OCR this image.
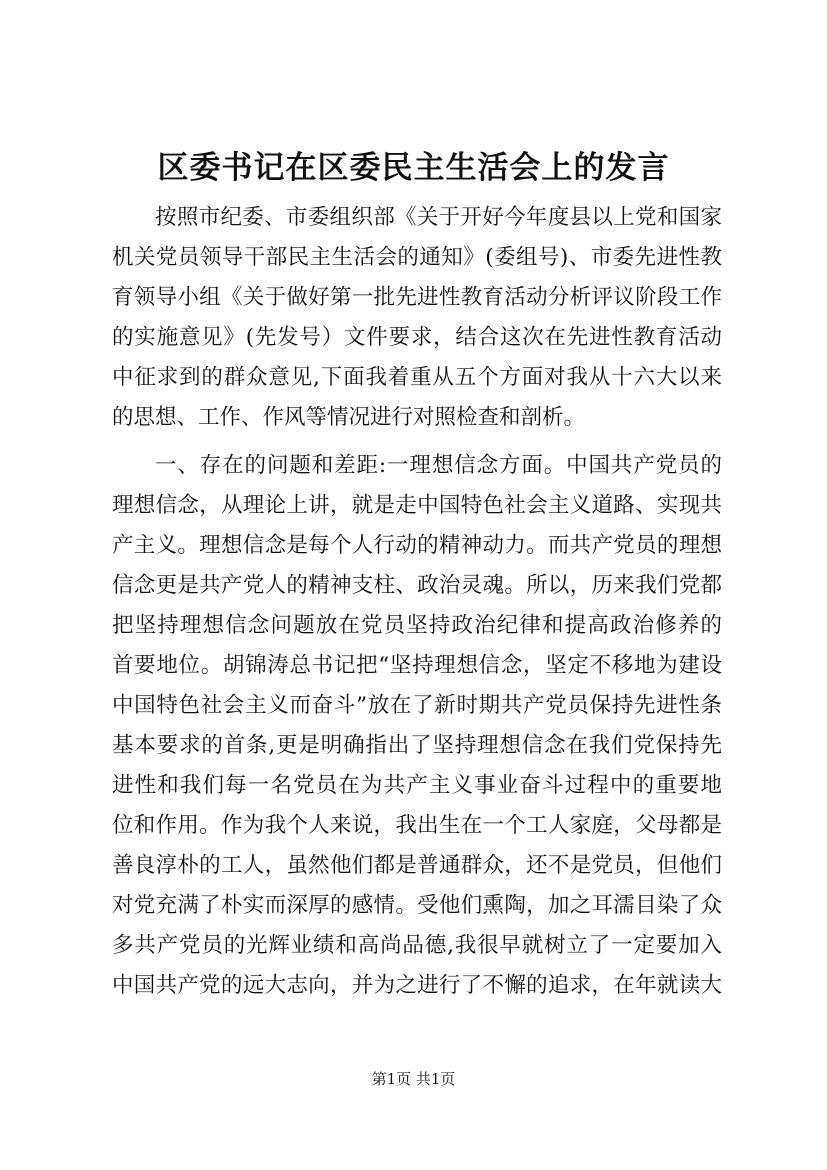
区委书记在区委民主生活会上的发言
按照市纪委、市委组织部《关于开好今年度县以上党和国家
机关党员领导干部民主生活会的通知》(委组号)、市委先进性教
育领导小组《关于做好第一批先进性教育活动分析评议阶段工作
的实施意见》(先发号）文件要求，结合这次在先进性教育活动
中征求到的群众意见,下面我着重从五个方面对我从十六大以来
的思想、工作、作风等情况进行对照检查和剖析。
一、存在的问题和差距:一理想信念方面。中国共产党员的
理想信念，从理论上讲，就是走中国特色社会主义道路、实现共
产主义。理想信念是每个人行动的精神动力。而共产党员的理想
信念更是共产党人的精神支柱、政治灵魂。所以，历来我们党都
把坚持理想信念问题放在党员坚持政治纪律和提高政治修养的
首要地位。胡锦涛总书记把“坚持理想信念，坚定不移地为建设
中国特色社会主义而奋斗”放在了新时期共产党员保持先进性条
基本要求的首条,更是明确指出了坚持理想信念在我们党保持先
进性和我们每一名党员在为共产主义事业奋斗过程中的重要地
位和作用。作为我个人来说，我出生在一个工人家庭，父母都是
善良淳朴的工人，虽然他们都是普通群众，还不是党员，但他们
对党充满了朴实而深厚的感情。受他们熏陶，加之耳濡目染了众
多共产党员的光辉业绩和高尚品德,我很早就树立了一定要加入
中国共产党的远大志向，并为之进行了不懈的追求，在年就读大
第1页 共1页
